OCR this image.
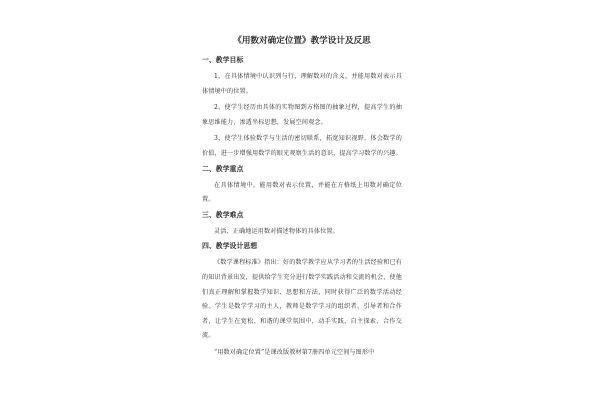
《用数对确定位置》教学设计及反思
一、教学目标

1、在具体情境中认识列与行，理解数对的含义，并能用数对表示具体情境中的位置。

2、使学生经历由具体的实物图到方格图的抽象过程，提高学生的抽象思维能力，渗透坐标思想，发展空间观念。

3、使学生体验数学与生活的密切联系，拓宽知识视野，体会数学的价值，进一步增强用数学的眼光观察生活的意识，提高学习数学的兴趣。

二、教学重点

在具体情境中，能用数对表示位置，并能在方格纸上用数对确定位置。

三、教学难点

灵活、正确地运用数对描述物体的具体位置。

四、教学设计思想

《数学课程标准》指出：好的数学教学应从学习者的生活经验和已有的知识背景出发，提供给学生充分进行数学实践活动和交流的机会，使他们真正理解和掌握数学知识、思想和方法，同时获得广泛的数学活动经验。学生是数学学习的主人，教师是数学学习的组织者、引导者和合作者，让学生在宽松、和谐的课堂氛围中，动手实践、自主探索、合作交流。

“用数对确定位置”是课改版教材第7册四单元空间与图形中
